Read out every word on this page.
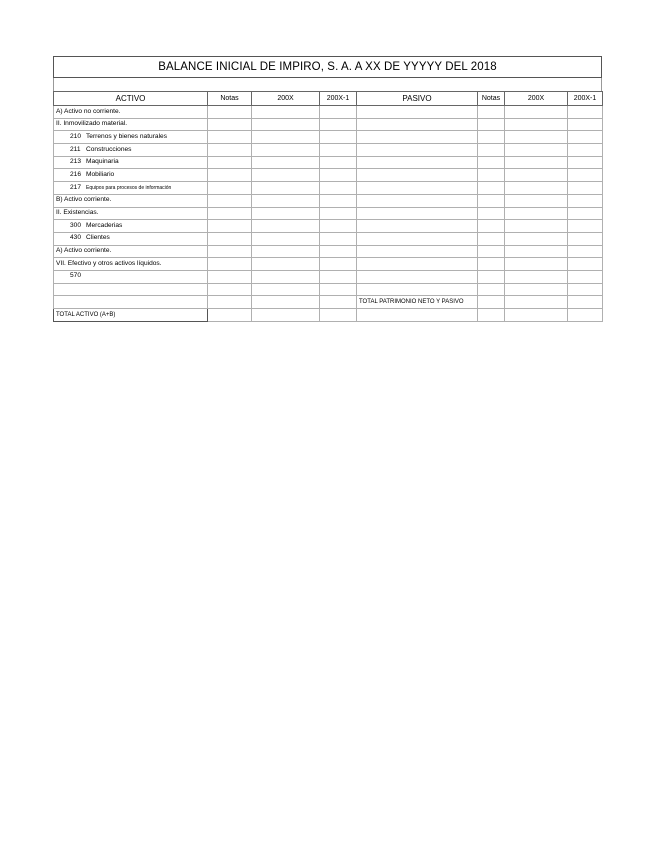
BALANCE INICIAL DE IMPIRO, S. A. A XX DE YYYYY DEL 2018
ACTIVO	Notas	200X	200X-1	PASIVO	Notas	200X	200X-1
A) Activo no corriente.							
II. Inmovilizado material.							
210 Terrenos y bienes naturales							
211 Construcciones							
213 Maquinaria							
216 Mobiliario							
217 Equipos para procesos de información							
B) Activo corriente.							
II. Existencias.							
300 Mercaderias							
430 Clientes							
A) Activo corriente.							
VII. Efectivo y otros activos líquidos.							
570							

				TOTAL PATRIMONIO NETO Y PASIVO			
TOTAL ACTIVO (A+B)							
